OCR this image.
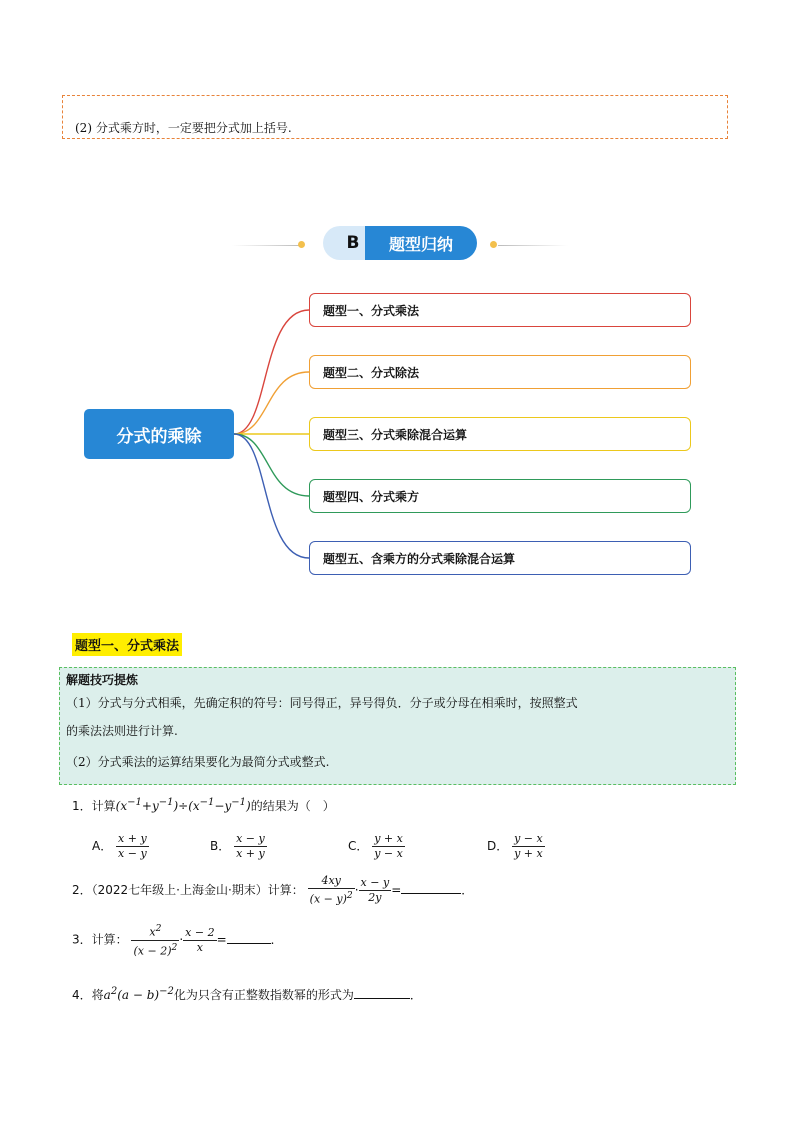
(2) 分式乘方时，一定要把分式加上括号.
B	题型归纳
分式的乘除
题型一、分式乘法
题型二、分式除法
题型三、分式乘除混合运算
题型四、分式乘方
题型五、含乘方的分式乘除混合运算
题型一、分式乘法
解题技巧提炼
（1）分式与分式相乘，先确定积的符号：同号得正，异号得负．分子或分母在相乘时，按照整式
的乘法法则进行计算.
（2）分式乘法的运算结果要化为最简分式或整式.
1．计算$(x^{-1}+y^{-1})\div(x^{-1}-y^{-1})$的结果为（　）
A． $\frac{x + y}{x - y}$	B． $\frac{x - y}{x + y}$	C． $\frac{y + x}{y - x}$	D． $\frac{y - x}{y + x}$
2．（2022七年级上·上海金山·期末）计算： $\frac{4xy}{(x - y)^2} \cdot \frac{x - y}{2y}$ =	．
3．计算： $\frac{x^2}{(x - 2)^2} \cdot \frac{x - 2}{x}$ =	．
4．将$a^2(a - b)^{-2}$化为只含有正整数指数幂的形式为	．
